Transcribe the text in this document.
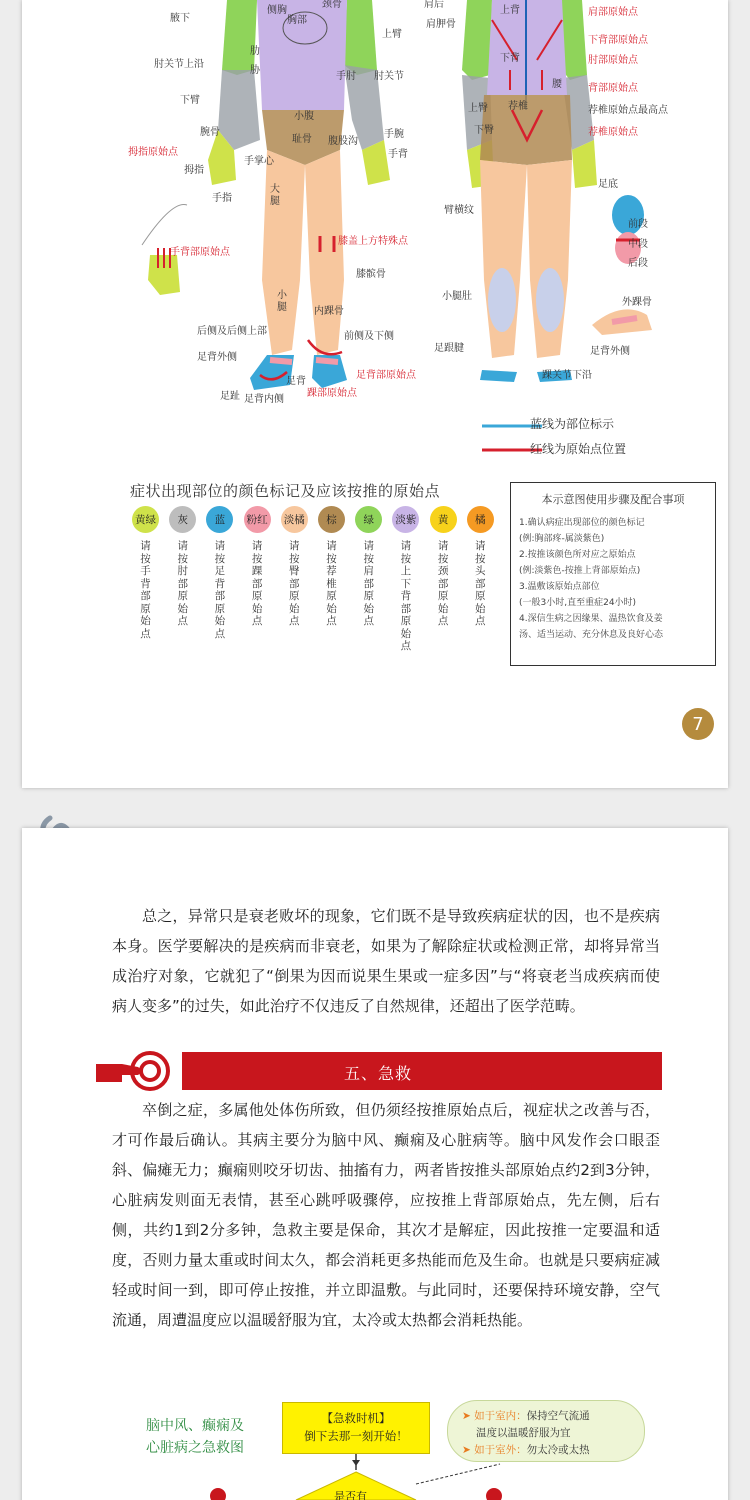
腋下
侧胸
胸部
颈骨
上臂
肋
胁
肘关节上沿
手肘
下臂
小腹
耻骨 腹股沟
腕骨	手腕
手掌心
手背
拇指
手指
大腿
膝髌骨
小腿	内踝骨
前侧及下侧
后侧及后侧上部
足背外侧
足背
足趾 足背内侧
肩后
肩胛骨
上背
下背
肘关节
腰
荐椎
上臀
下臀
臂横纹
小腿肚
足跟腱
踝关节下沿
足底
前段
中段
后段
外踝骨
足背外侧
肩部原始点
下背部原始点
肘部原始点
背部原始点
荐椎原始点最高点
荐椎原始点
拇指原始点
手背部原始点
膝盖上方特殊点
足背部原始点
踝部原始点
蓝线为部位标示
红线为原始点位置
症状出现部位的颜色标记及应该按推的原始点
黄绿
请按手背部原始点
灰
请按肘部原始点
蓝
请按足背部原始点
粉红
请按踝部原始点
淡橘
请按臀部原始点
棕
请按荐椎原始点
绿
请按肩部原始点
淡紫
请按上下背部原始点
黄
请按颈部原始点
橘
请按头部原始点
本示意图使用步骤及配合事项
1.确认病症出现部位的颜色标记
(例:胸部疼-属淡紫色)
2.按推该颜色所对应之原始点
(例:淡紫色-按推上背部原始点)
3.温敷该原始点部位
(一般3小时,直至重症24小时)
4.深信生病之因缘果、温热饮食及姜
汤、适当运动、充分休息及良好心态
7

总之，异常只是衰老败坏的现象，它们既不是导致疾病症状的因，也不是疾病本身。医学要解决的是疾病而非衰老，如果为了解除症状或检测正常，却将异常当成治疗对象，它就犯了“倒果为因而说果生果或一症多因”与“将衰老当成疾病而使病人变多”的过失，如此治疗不仅违反了自然规律，还超出了医学范畴。

五、急救

卒倒之症，多属他处体伤所致，但仍须经按推原始点后，视症状之改善与否，才可作最后确认。其病主要分为脑中风、癫痫及心脏病等。脑中风发作会口眼歪斜、偏瘫无力；癫痫则咬牙切齿、抽搐有力，两者皆按推头部原始点约2到3分钟，心脏病发则面无表情，甚至心跳呼吸骤停，应按推上背部原始点，先左侧，后右侧，共约1到2分多钟，急救主要是保命，其次才是解症，因此按推一定要温和适度，否则力量太重或时间太久，都会消耗更多热能而危及生命。也就是只要病症减轻或时间一到，即可停止按推，并立即温敷。与此同时，还要保持环境安静，空气流通，周遭温度应以温暖舒服为宜，太冷或太热都会消耗热能。

脑中风、癫痫及
心脏病之急救图
【急救时机】
倒下去那一刻开始！
➤ 如于室内：保持空气流通
温度以温暖舒服为宜
➤ 如于室外：勿太冷或太热
是否有
